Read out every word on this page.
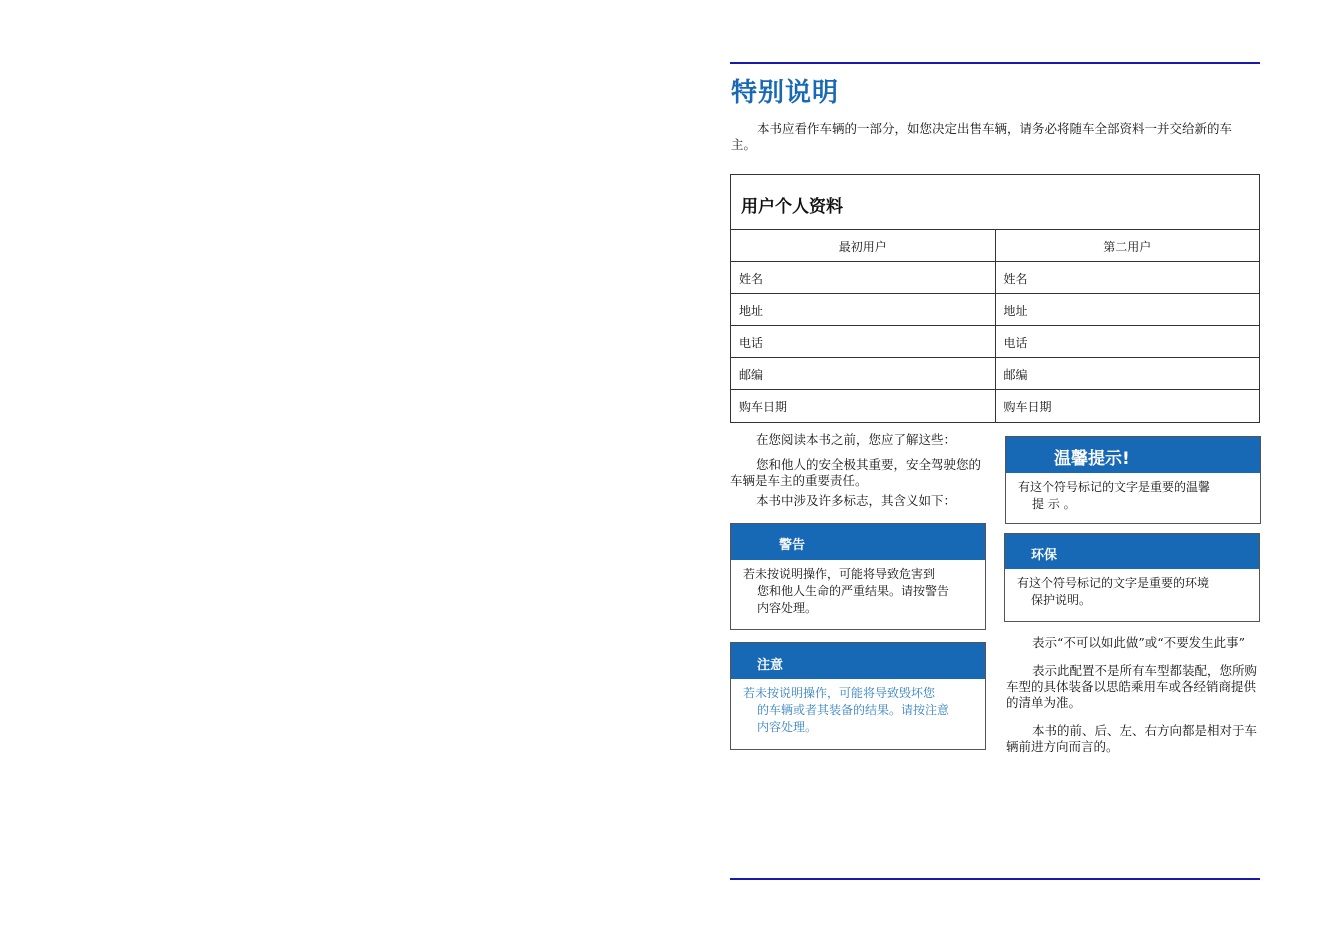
特别说明
本书应看作车辆的一部分，如您决定出售车辆，请务必将随车全部资料一并交给新的车 主。
用户个人资料
最初用户	第二用户
姓名	姓名
地址	地址
电话	电话
邮编	邮编
购车日期	购车日期

在您阅读本书之前，您应了解这些：

您和他人的安全极其重要，安全驾驶您的车辆是车主的重要责任。

本书中涉及许多标志，其含义如下：

警告
若未按说明操作，可能将导致危害到
您和他人生命的严重结果。请按警告
内容处理。
注意
若未按说明操作，可能将导致毁坏您
的车辆或者其装备的结果。请按注意
内容处理。
温馨提示!
有这个符号标记的文字是重要的温馨
提 示 。
环保
有这个符号标记的文字是重要的环境
保护说明。

表示“不可以如此做”或“不要发生此事”

表示此配置不是所有车型都装配，您所购车型的具体装备以思皓乘用车或各经销商提供的清单为准。

本书的前、后、左、右方向都是相对于车辆前进方向而言的。
